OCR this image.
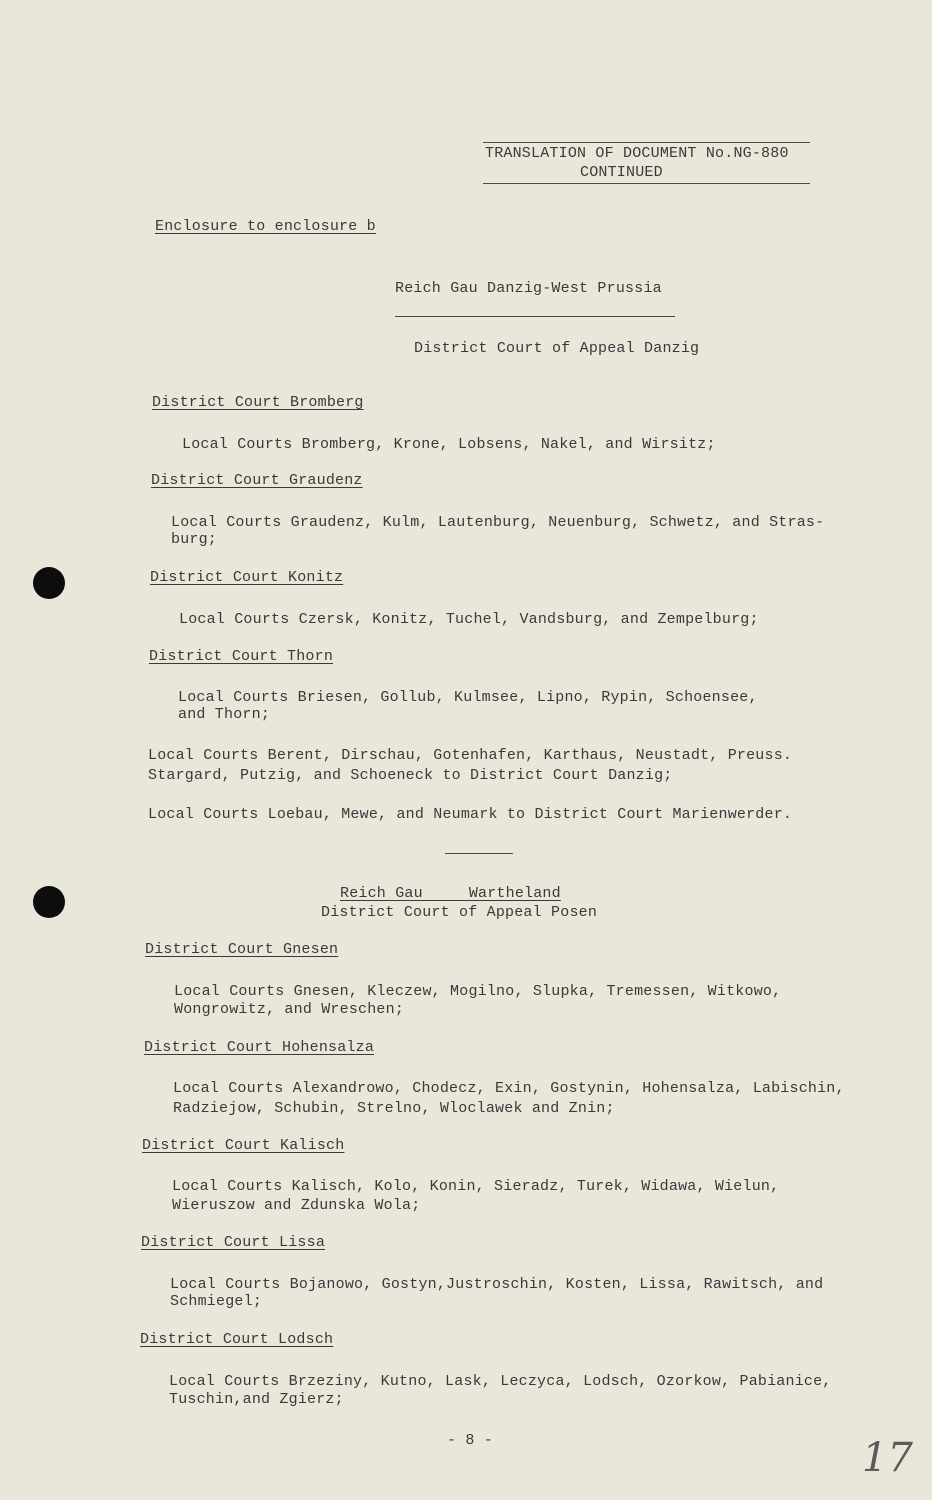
TRANSLATION OF DOCUMENT No.NG-880
CONTINUED
Enclosure to enclosure b
Reich Gau Danzig-West Prussia
District Court of Appeal Danzig
District Court Bromberg
Local Courts Bromberg, Krone, Lobsens, Nakel, and Wirsitz;
District Court Graudenz
Local Courts Graudenz, Kulm, Lautenburg, Neuenburg, Schwetz, and Stras-
burg;
District Court Konitz
Local Courts Czersk, Konitz, Tuchel, Vandsburg, and Zempelburg;
District Court Thorn
Local Courts Briesen, Gollub, Kulmsee, Lipno, Rypin, Schoensee,
and Thorn;
Local Courts Berent, Dirschau, Gotenhafen, Karthaus, Neustadt, Preuss.
Stargard, Putzig, and Schoeneck to District Court Danzig;
Local Courts Loebau, Mewe, and Neumark to District Court Marienwerder.
Reich Gau     Wartheland
District Court of Appeal Posen
District Court Gnesen
Local Courts Gnesen, Kleczew, Mogilno, Slupka, Tremessen, Witkowo,
Wongrowitz, and Wreschen;
District Court Hohensalza
Local Courts Alexandrowo, Chodecz, Exin, Gostynin, Hohensalza, Labischin,
Radziejow, Schubin, Strelno, Wloclawek and Znin;
District Court Kalisch
Local Courts Kalisch, Kolo, Konin, Sieradz, Turek, Widawa, Wielun,
Wieruszow and Zdunska Wola;
District Court Lissa
Local Courts Bojanowo, Gostyn,Justroschin, Kosten, Lissa, Rawitsch, and
Schmiegel;
District Court Lodsch
Local Courts Brzeziny, Kutno, Lask, Leczyca, Lodsch, Ozorkow, Pabianice,
Tuschin,and Zgierz;
- 8 -	17
